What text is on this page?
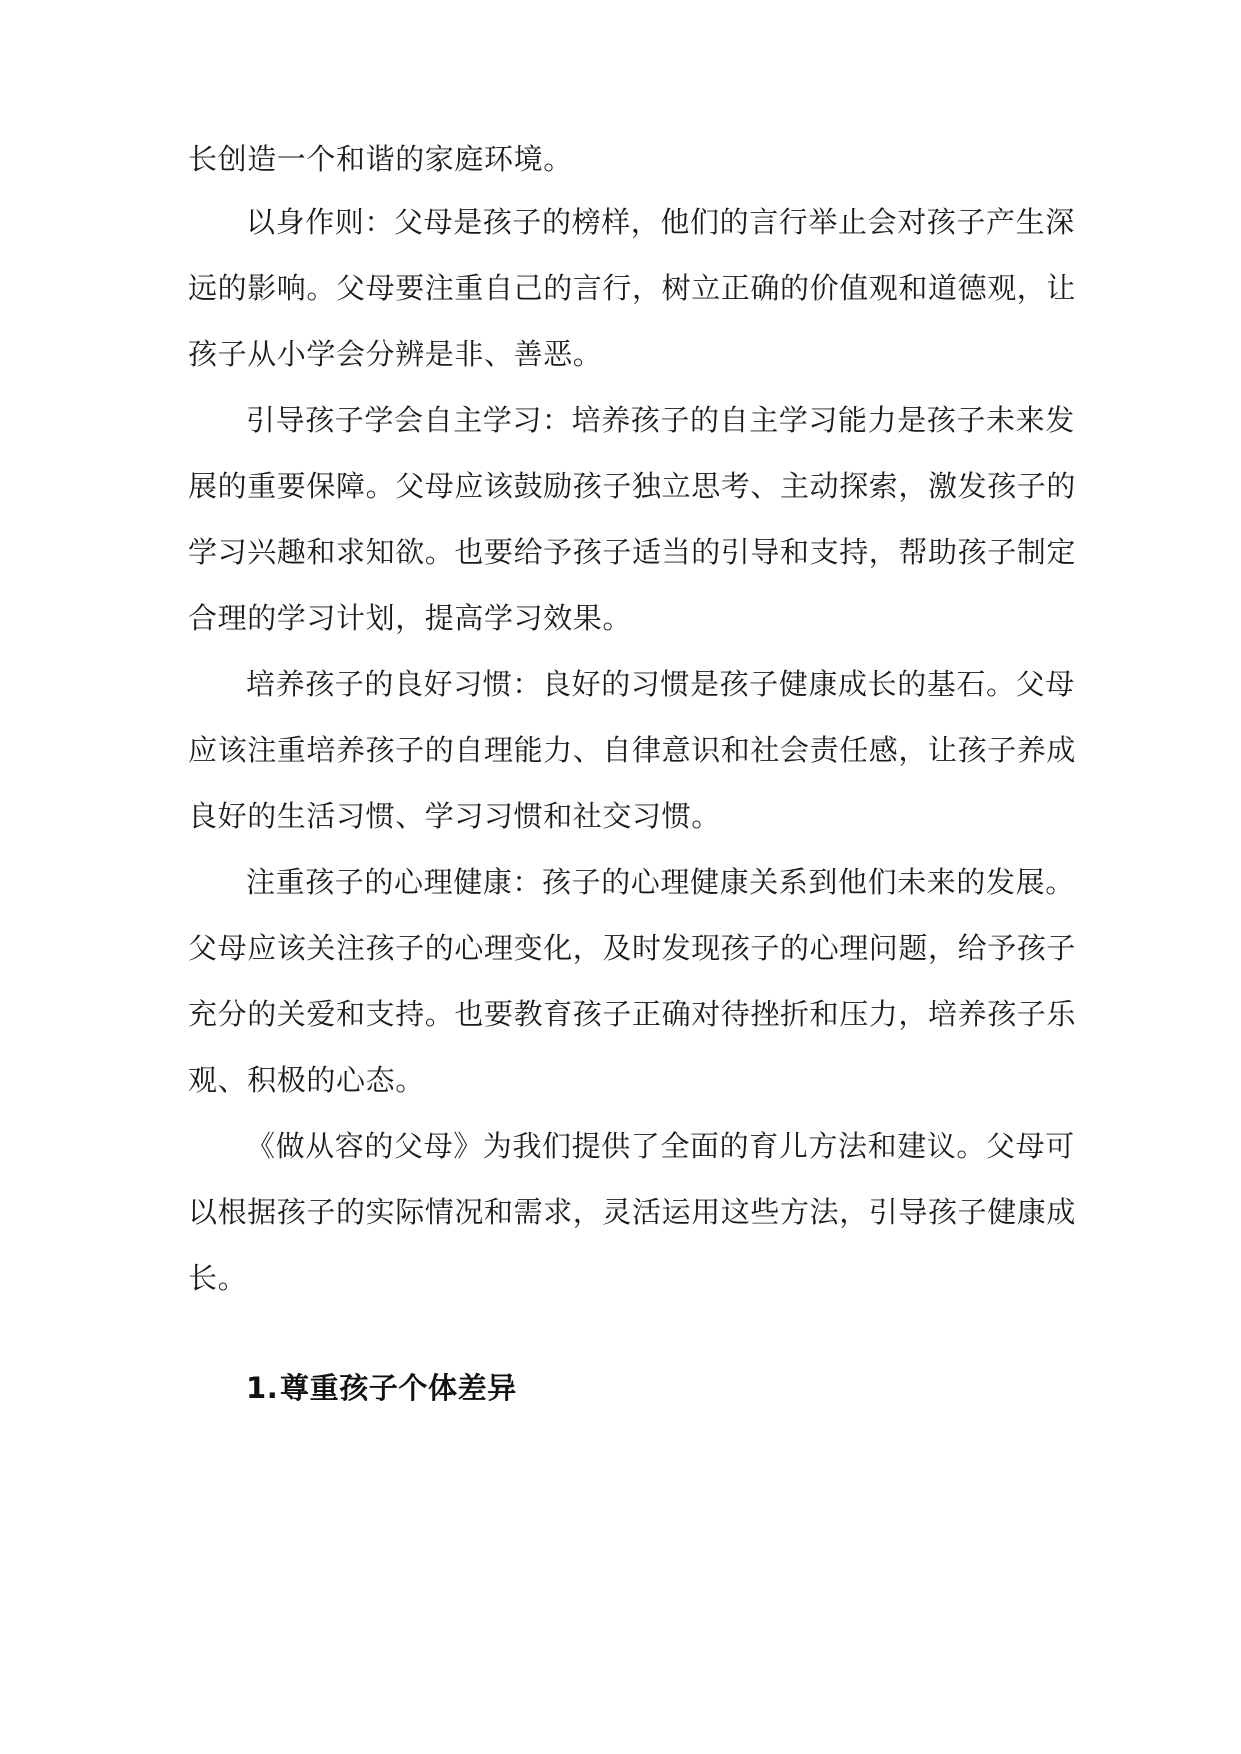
长创造一个和谐的家庭环境。

以身作则：父母是孩子的榜样，他们的言行举止会对孩子产生深

远的影响。父母要注重自己的言行，树立正确的价值观和道德观，让

孩子从小学会分辨是非、善恶。

引导孩子学会自主学习：培养孩子的自主学习能力是孩子未来发

展的重要保障。父母应该鼓励孩子独立思考、主动探索，激发孩子的

学习兴趣和求知欲。也要给予孩子适当的引导和支持，帮助孩子制定

合理的学习计划，提高学习效果。

培养孩子的良好习惯：良好的习惯是孩子健康成长的基石。父母

应该注重培养孩子的自理能力、自律意识和社会责任感，让孩子养成

良好的生活习惯、学习习惯和社交习惯。

注重孩子的心理健康：孩子的心理健康关系到他们未来的发展。

父母应该关注孩子的心理变化，及时发现孩子的心理问题，给予孩子

充分的关爱和支持。也要教育孩子正确对待挫折和压力，培养孩子乐

观、积极的心态。

《做从容的父母》为我们提供了全面的育儿方法和建议。父母可

以根据孩子的实际情况和需求，灵活运用这些方法，引导孩子健康成

长。

1.尊重孩子个体差异
